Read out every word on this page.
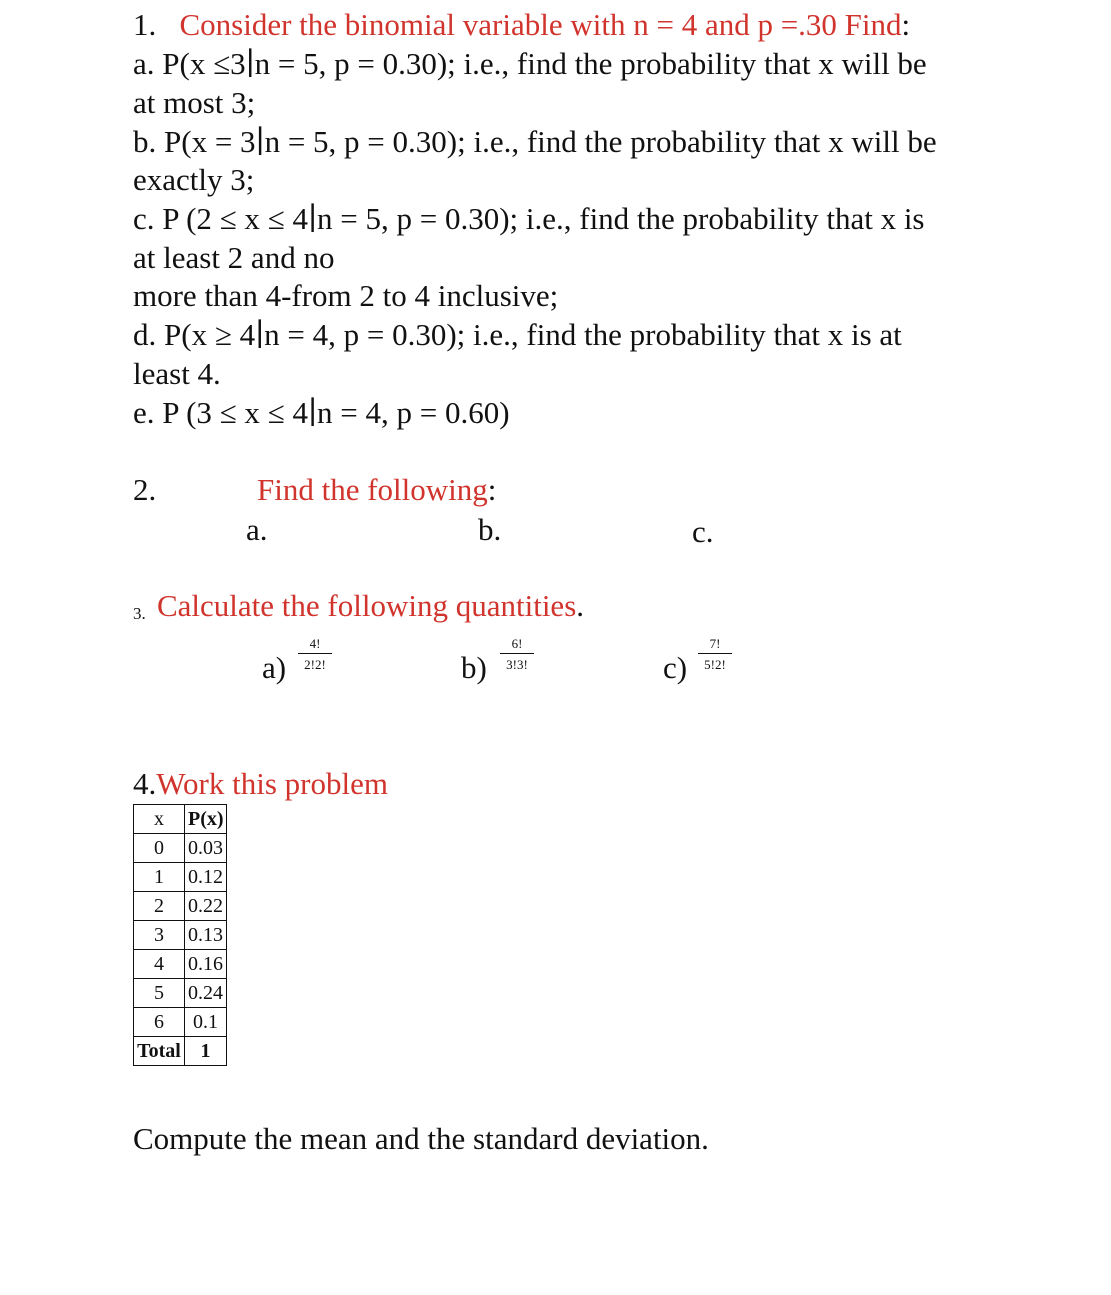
1. Consider the binomial variable with n = 4 and p =.30 Find:
a. P(x ≤3∣n = 5, p = 0.30); i.e., find the probability that x will be
at most 3;
b. P(x = 3∣n = 5, p = 0.30); i.e., find the probability that x will be
exactly 3;
c. P (2 ≤ x ≤ 4∣n = 5, p = 0.30); i.e., find the probability that x is
at least 2 and no
more than 4-from 2 to 4 inclusive;
d. P(x ≥ 4∣n = 4, p = 0.30); i.e., find the probability that x is at
least 4.
e. P (3 ≤ x ≤ 4∣n = 4, p = 0.60)
2.	Find the following:
a.	b.	c.
3. Calculate the following quantities.
$a) \frac{4!}{2!2!}$	$b) \frac{6!}{3!3!}$	$c) \frac{7!}{5!2!}$
4.Work this problem
x	P(x)
0	0.03
1	0.12
2	0.22
3	0.13
4	0.16
5	0.24
6	0.1
Total	1
Compute the mean and the standard deviation.
